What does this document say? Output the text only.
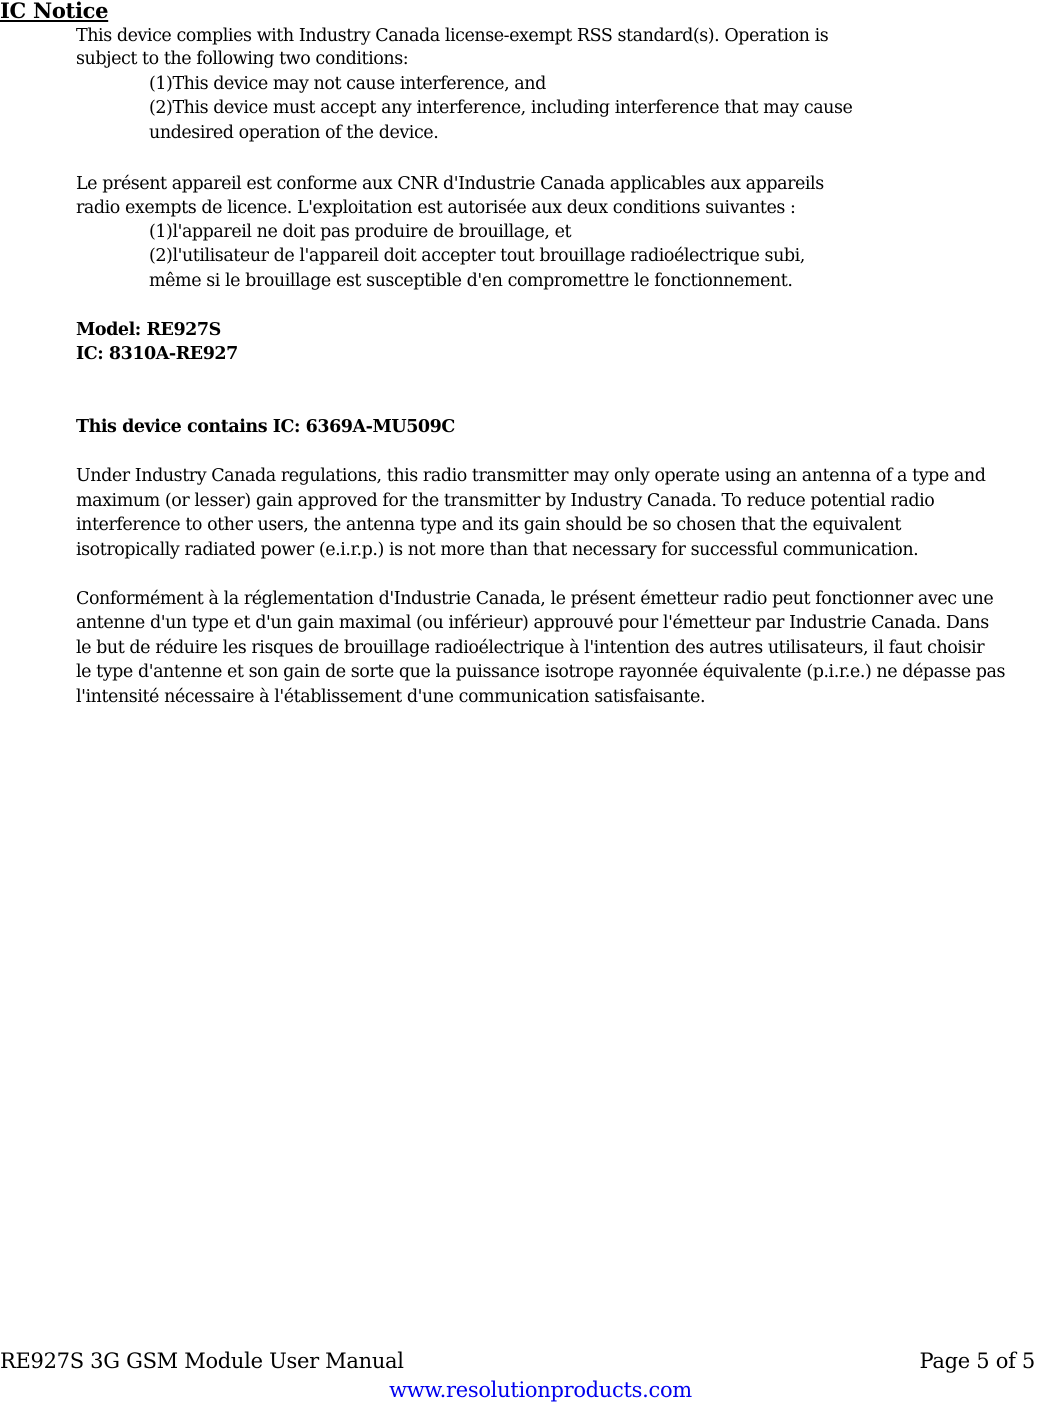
IC Notice
This device complies with Industry Canada license-exempt RSS standard(s). Operation is
subject to the following two conditions:
(1)This device may not cause interference, and
(2)This device must accept any interference, including interference that may cause
undesired operation of the device.
Le présent appareil est conforme aux CNR d'Industrie Canada applicables aux appareils
radio exempts de licence. L'exploitation est autorisée aux deux conditions suivantes :
(1)l'appareil ne doit pas produire de brouillage, et
(2)l'utilisateur de l'appareil doit accepter tout brouillage radioélectrique subi,
même si le brouillage est susceptible d'en compromettre le fonctionnement.
Model: RE927S
IC: 8310A-RE927
This device contains IC: 6369A-MU509C
Under Industry Canada regulations, this radio transmitter may only operate using an antenna of a type and
maximum (or lesser) gain approved for the transmitter by Industry Canada. To reduce potential radio
interference to other users, the antenna type and its gain should be so chosen that the equivalent
isotropically radiated power (e.i.r.p.) is not more than that necessary for successful communication.
Conformément à la réglementation d'Industrie Canada, le présent émetteur radio peut fonctionner avec une
antenne d'un type et d'un gain maximal (ou inférieur) approuvé pour l'émetteur par Industrie Canada. Dans
le but de réduire les risques de brouillage radioélectrique à l'intention des autres utilisateurs, il faut choisir
le type d'antenne et son gain de sorte que la puissance isotrope rayonnée équivalente (p.i.r.e.) ne dépasse pas
l'intensité nécessaire à l'établissement d'une communication satisfaisante.
RE927S 3G GSM Module User Manual	Page 5 of 5
www.resolutionproducts.com
